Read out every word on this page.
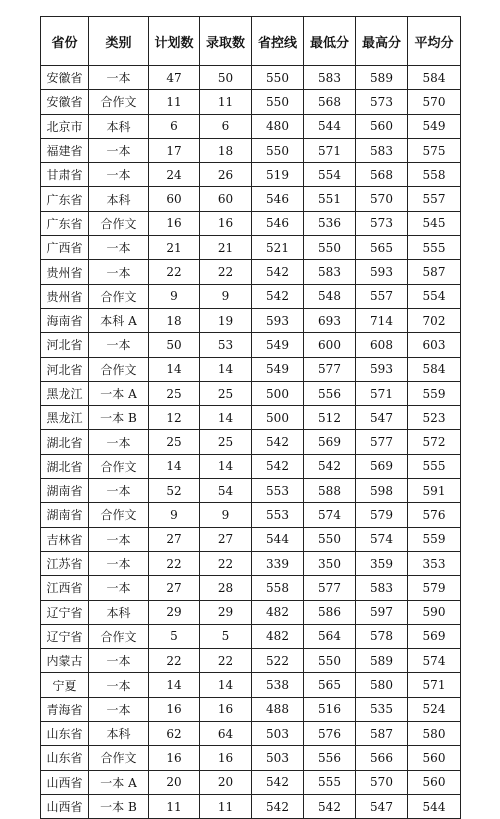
省份	类别	计划数	录取数	省控线	最低分	最高分	平均分
安徽省	一本	47	50	550	583	589	584
安徽省	合作文	11	11	550	568	573	570
北京市	本科	6	6	480	544	560	549
福建省	一本	17	18	550	571	583	575
甘肃省	一本	24	26	519	554	568	558
广东省	本科	60	60	546	551	570	557
广东省	合作文	16	16	546	536	573	545
广西省	一本	21	21	521	550	565	555
贵州省	一本	22	22	542	583	593	587
贵州省	合作文	9	9	542	548	557	554
海南省	本科 A	18	19	593	693	714	702
河北省	一本	50	53	549	600	608	603
河北省	合作文	14	14	549	577	593	584
黑龙江	一本 A	25	25	500	556	571	559
黑龙江	一本 B	12	14	500	512	547	523
湖北省	一本	25	25	542	569	577	572
湖北省	合作文	14	14	542	542	569	555
湖南省	一本	52	54	553	588	598	591
湖南省	合作文	9	9	553	574	579	576
吉林省	一本	27	27	544	550	574	559
江苏省	一本	22	22	339	350	359	353
江西省	一本	27	28	558	577	583	579
辽宁省	本科	29	29	482	586	597	590
辽宁省	合作文	5	5	482	564	578	569
内蒙古	一本	22	22	522	550	589	574
宁夏	一本	14	14	538	565	580	571
青海省	一本	16	16	488	516	535	524
山东省	本科	62	64	503	576	587	580
山东省	合作文	16	16	503	556	566	560
山西省	一本 A	20	20	542	555	570	560
山西省	一本 B	11	11	542	542	547	544
